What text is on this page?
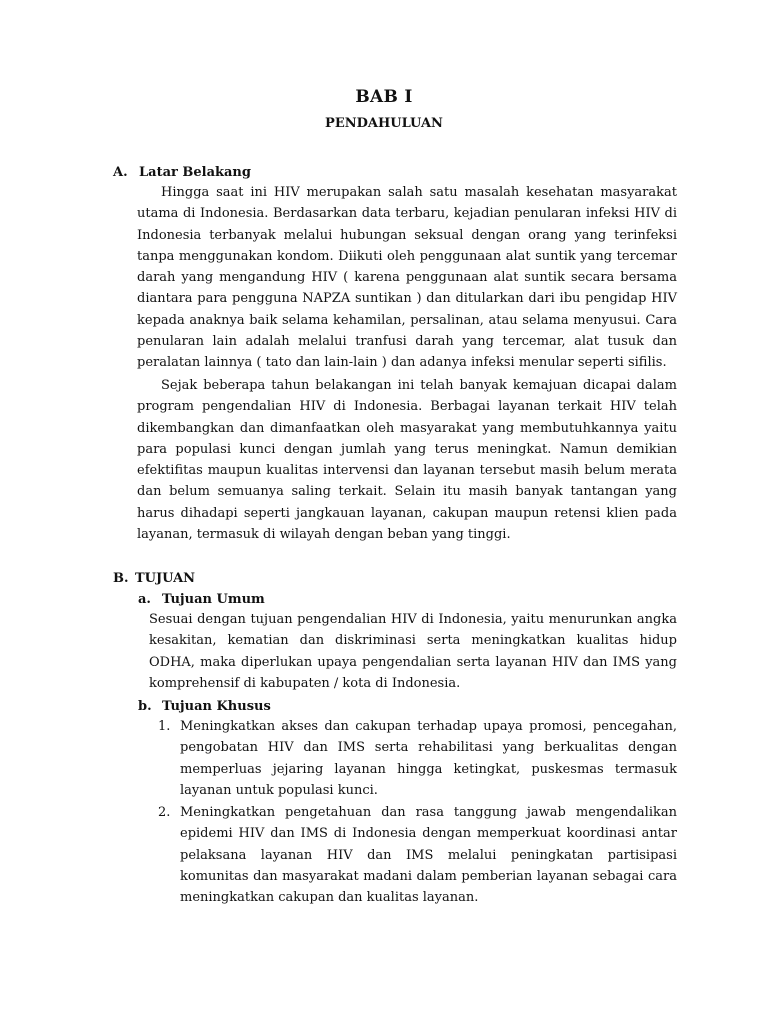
BAB I
PENDAHULUAN
A. Latar Belakang

Hingga saat ini HIV merupakan salah satu masalah kesehatan masyarakat utama di Indonesia. Berdasarkan data terbaru, kejadian penularan infeksi HIV di Indonesia terbanyak melalui hubungan seksual dengan orang yang terinfeksi tanpa menggunakan kondom. Diikuti oleh penggunaan alat suntik yang tercemar darah yang mengandung HIV ( karena penggunaan alat suntik secara bersama diantara para pengguna NAPZA suntikan ) dan ditularkan dari ibu pengidap HIV kepada anaknya baik selama kehamilan, persalinan, atau selama menyusui. Cara penularan lain adalah melalui tranfusi darah yang tercemar, alat tusuk dan peralatan lainnya ( tato dan lain-lain ) dan adanya infeksi menular seperti sifilis.

Sejak beberapa tahun belakangan ini telah banyak kemajuan dicapai dalam program pengendalian HIV di Indonesia. Berbagai layanan terkait HIV telah dikembangkan dan dimanfaatkan oleh masyarakat yang membutuhkannya yaitu para populasi kunci dengan jumlah yang terus meningkat. Namun demikian efektifitas maupun kualitas intervensi dan layanan tersebut masih belum merata dan belum semuanya saling terkait. Selain itu masih banyak tantangan yang harus dihadapi seperti jangkauan layanan, cakupan maupun retensi klien pada layanan, termasuk di wilayah dengan beban yang tinggi.

B. TUJUAN
a. Tujuan Umum

Sesuai dengan tujuan pengendalian HIV di Indonesia, yaitu menurunkan angka kesakitan, kematian dan diskriminasi serta meningkatkan kualitas hidup ODHA, maka diperlukan upaya pengendalian serta layanan HIV dan IMS yang komprehensif di kabupaten / kota di Indonesia.

b. Tujuan Khusus
1. Meningkatkan akses dan cakupan terhadap upaya promosi, pencegahan, pengobatan HIV dan IMS serta rehabilitasi yang berkualitas dengan memperluas jejaring layanan hingga ketingkat, puskesmas termasuk layanan untuk populasi kunci.
2. Meningkatkan pengetahuan dan rasa tanggung jawab mengendalikan epidemi HIV dan IMS di Indonesia dengan memperkuat koordinasi antar pelaksana layanan HIV dan IMS melalui peningkatan partisipasi komunitas dan masyarakat madani dalam pemberian layanan sebagai cara meningkatkan cakupan dan kualitas layanan.
